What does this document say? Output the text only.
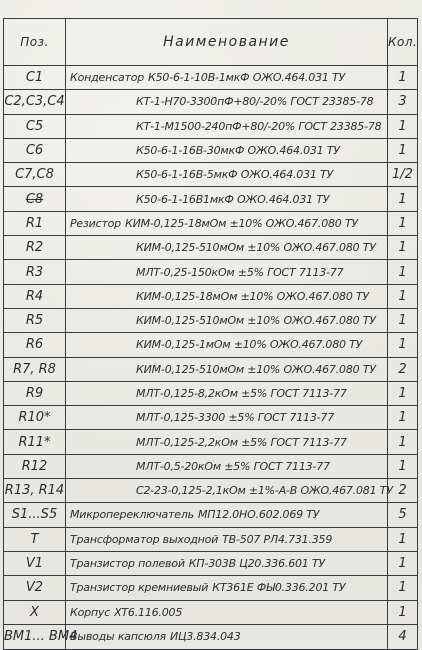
Поз.	Наименование	Кол.
C1	Конденсатор К50-6-1-10В-1мкФ ОЖО.464.031 ТУ	1
C2,C3,C4	КТ-1-Н70-3300пФ+80/-20% ГОСТ 23385-78	3
C5	КТ-1-М1500-240пФ+80/-20% ГОСТ 23385-78	1
C6	К50-6-1-16В-30мкФ ОЖО.464.031 ТУ	1
C7,C8	К50-6-1-16В-5мкФ ОЖО.464.031 ТУ	1/2
C8	К50-6-1-16В1мкФ ОЖО.464.031 ТУ	1
R1	Резистор КИМ-0,125-18мОм ±10% ОЖО.467.080 ТУ	1
R2	КИМ-0,125-510мОм ±10% ОЖО.467.080 ТУ	1
R3	МЛТ-0,25-150кОм ±5% ГОСТ 7113-77	1
R4	КИМ-0,125-18мОм ±10% ОЖО.467.080 ТУ	1
R5	КИМ-0,125-510мОм ±10% ОЖО.467.080 ТУ	1
R6	КИМ-0,125-1мОм ±10% ОЖО.467.080 ТУ	1
R7, R8	КИМ-0,125-510мОм ±10% ОЖО.467.080 ТУ	2
R9	МЛТ-0,125-8,2кОм ±5% ГОСТ 7113-77	1
R10*	МЛТ-0,125-3300 ±5% ГОСТ 7113-77	1
R11*	МЛТ-0,125-2,2кОм ±5% ГОСТ 7113-77	1
R12	МЛТ-0,5-20кОм ±5% ГОСТ 7113-77	1
R13, R14	С2-23-0,125-2,1кОм ±1%-А-В ОЖО.467.081 ТУ	2
S1...S5	Микропереключатель МП12.0НО.602.069 ТУ	5
T	Трансформатор выходной ТВ-507 РЛ4.731.359	1
V1	Транзистор полевой КП-303В Ц20.336.601 ТУ	1
V2	Транзистор кремниевый КТ361Е ФЫ0.336.201 ТУ	1
X	Корпус ХТ6.116.005	1
ВМ1... ВМ4	Выводы капсюля ИЦ3.834.043	4
